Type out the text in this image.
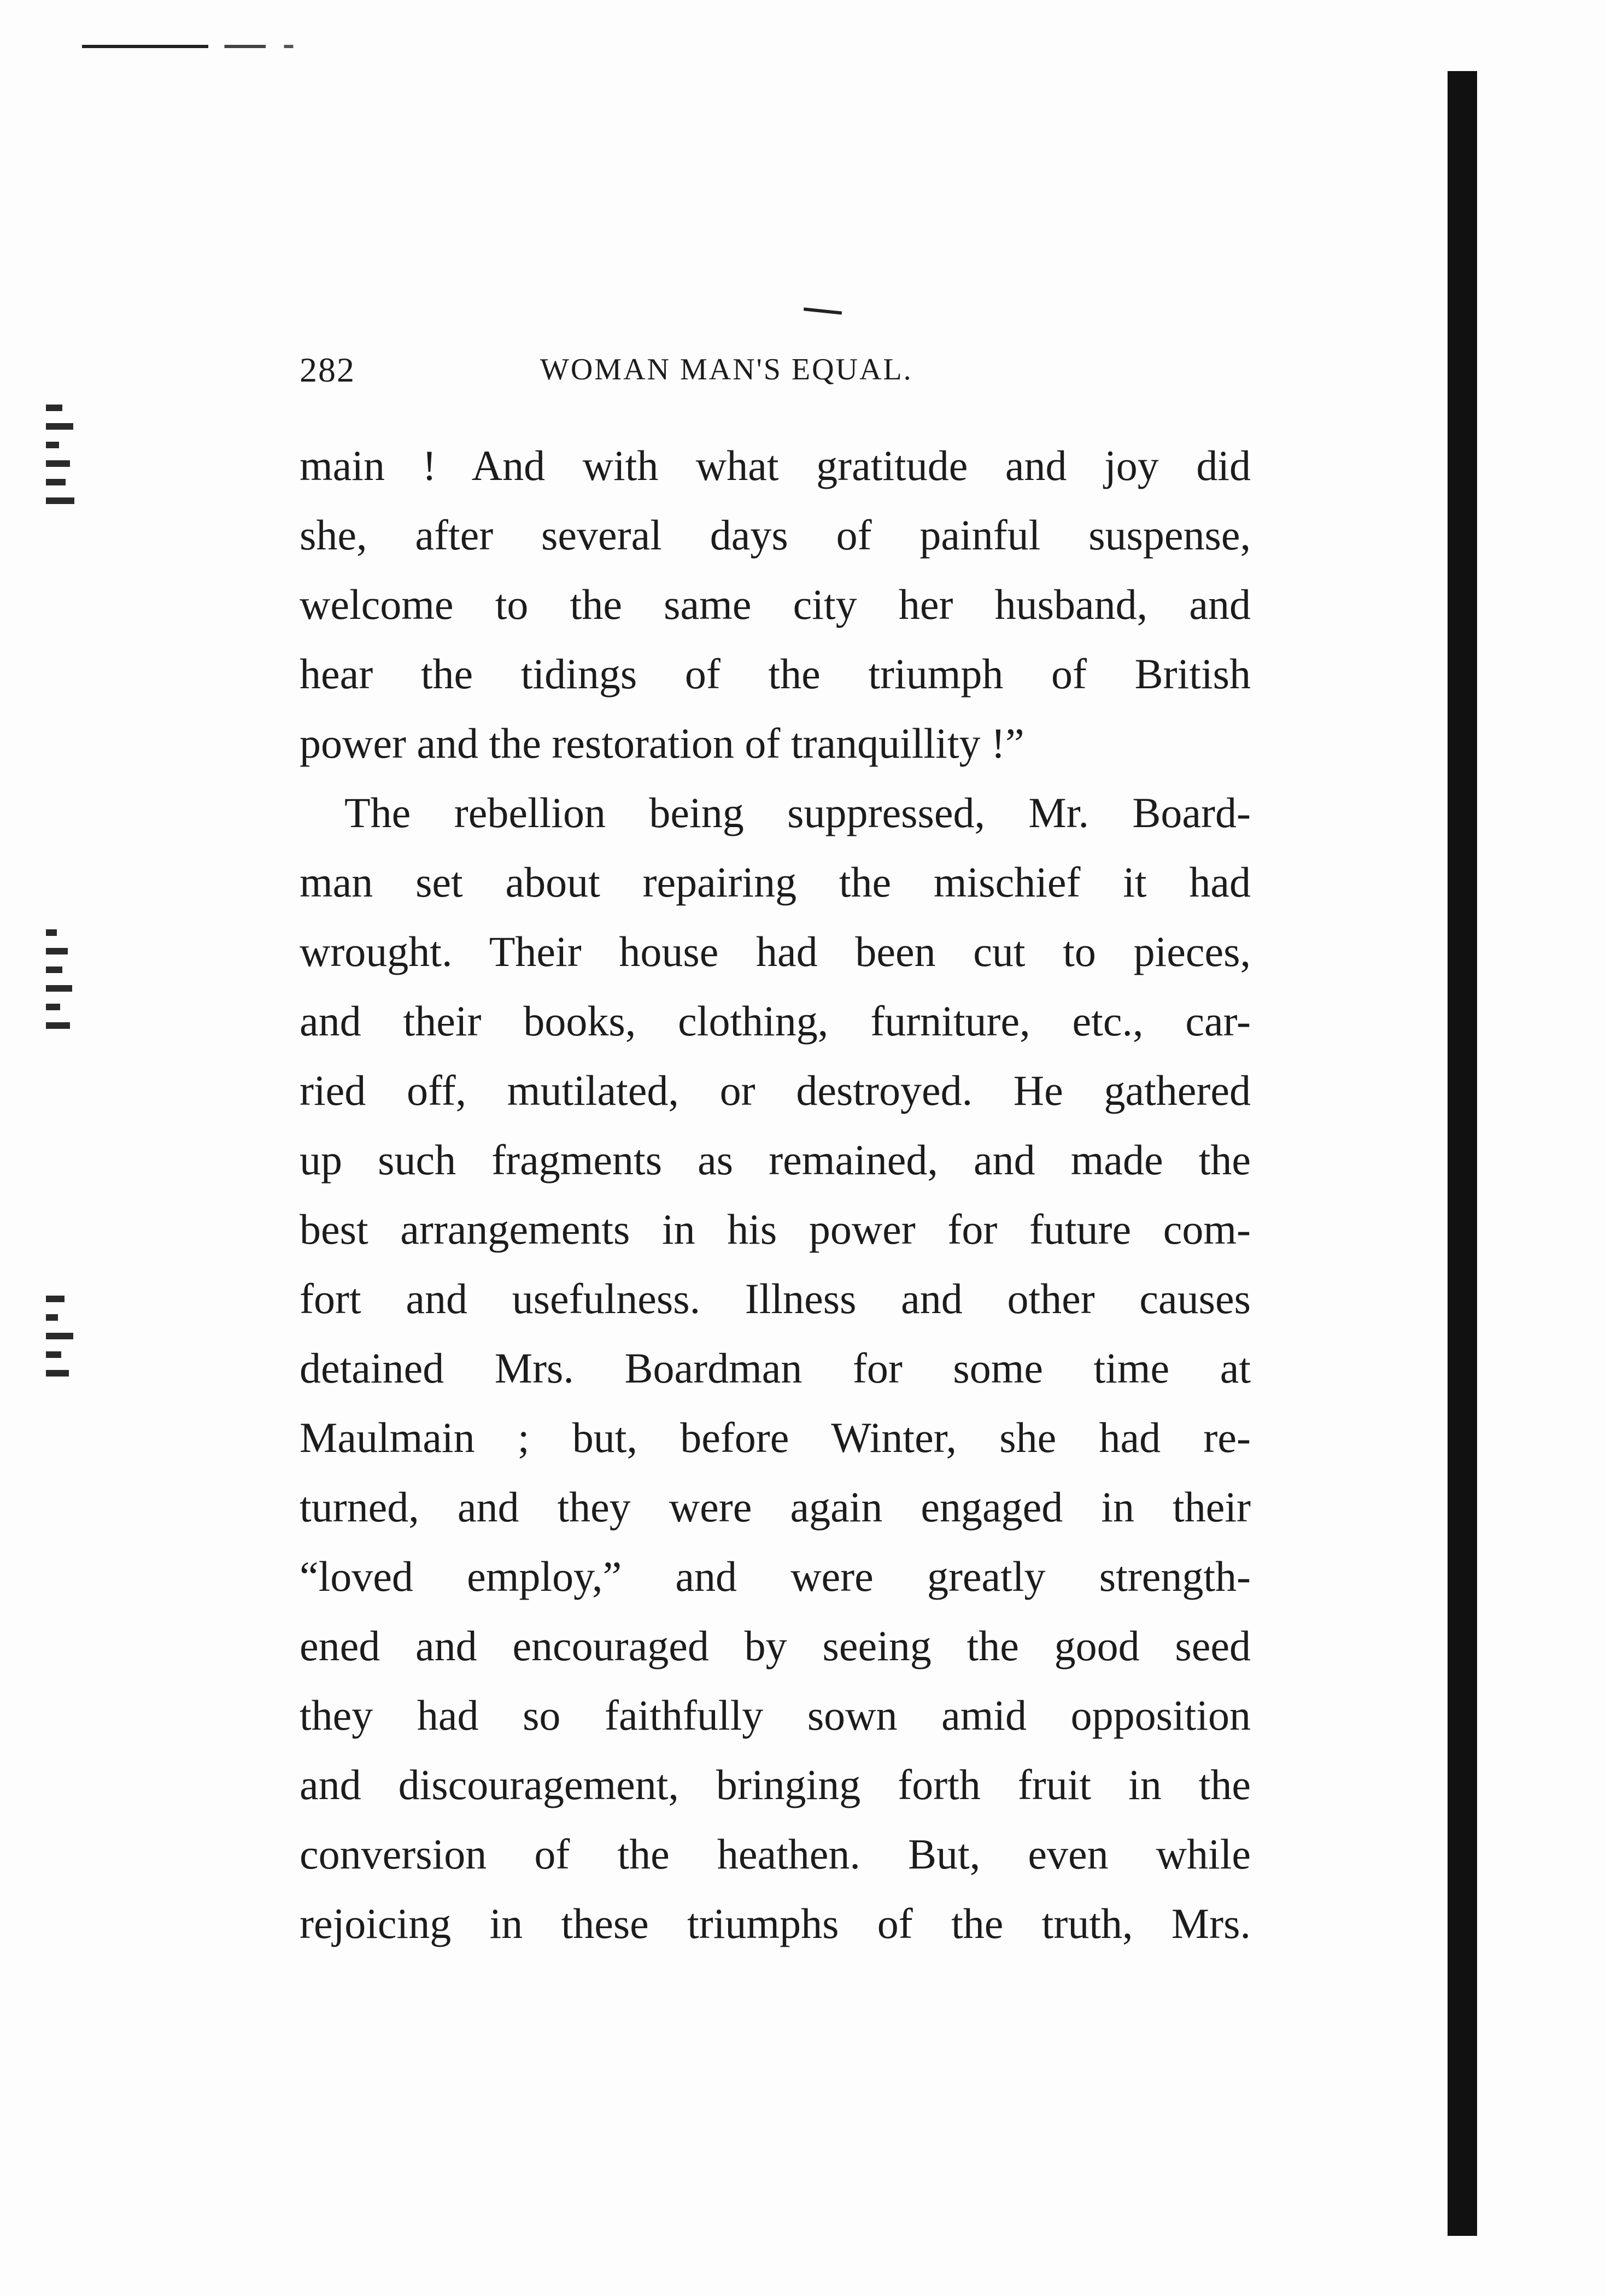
282	WOMAN MAN'S EQUAL.
main ! And with what gratitude and joy did
she, after several days of painful suspense,
welcome to the same city her husband, and
hear the tidings of the triumph of British
power and the restoration of tranquillity !”
The rebellion being suppressed, Mr. Board-
man set about repairing the mischief it had
wrought. Their house had been cut to pieces,
and their books, clothing, furniture, etc., car-
ried off, mutilated, or destroyed. He gathered
up such fragments as remained, and made the
best arrangements in his power for future com-
fort and usefulness. Illness and other causes
detained Mrs. Boardman for some time at
Maulmain ; but, before Winter, she had re-
turned, and they were again engaged in their
“loved employ,” and were greatly strength-
ened and encouraged by seeing the good seed
they had so faithfully sown amid opposition
and discouragement, bringing forth fruit in the
conversion of the heathen. But, even while
rejoicing in these triumphs of the truth, Mrs.
